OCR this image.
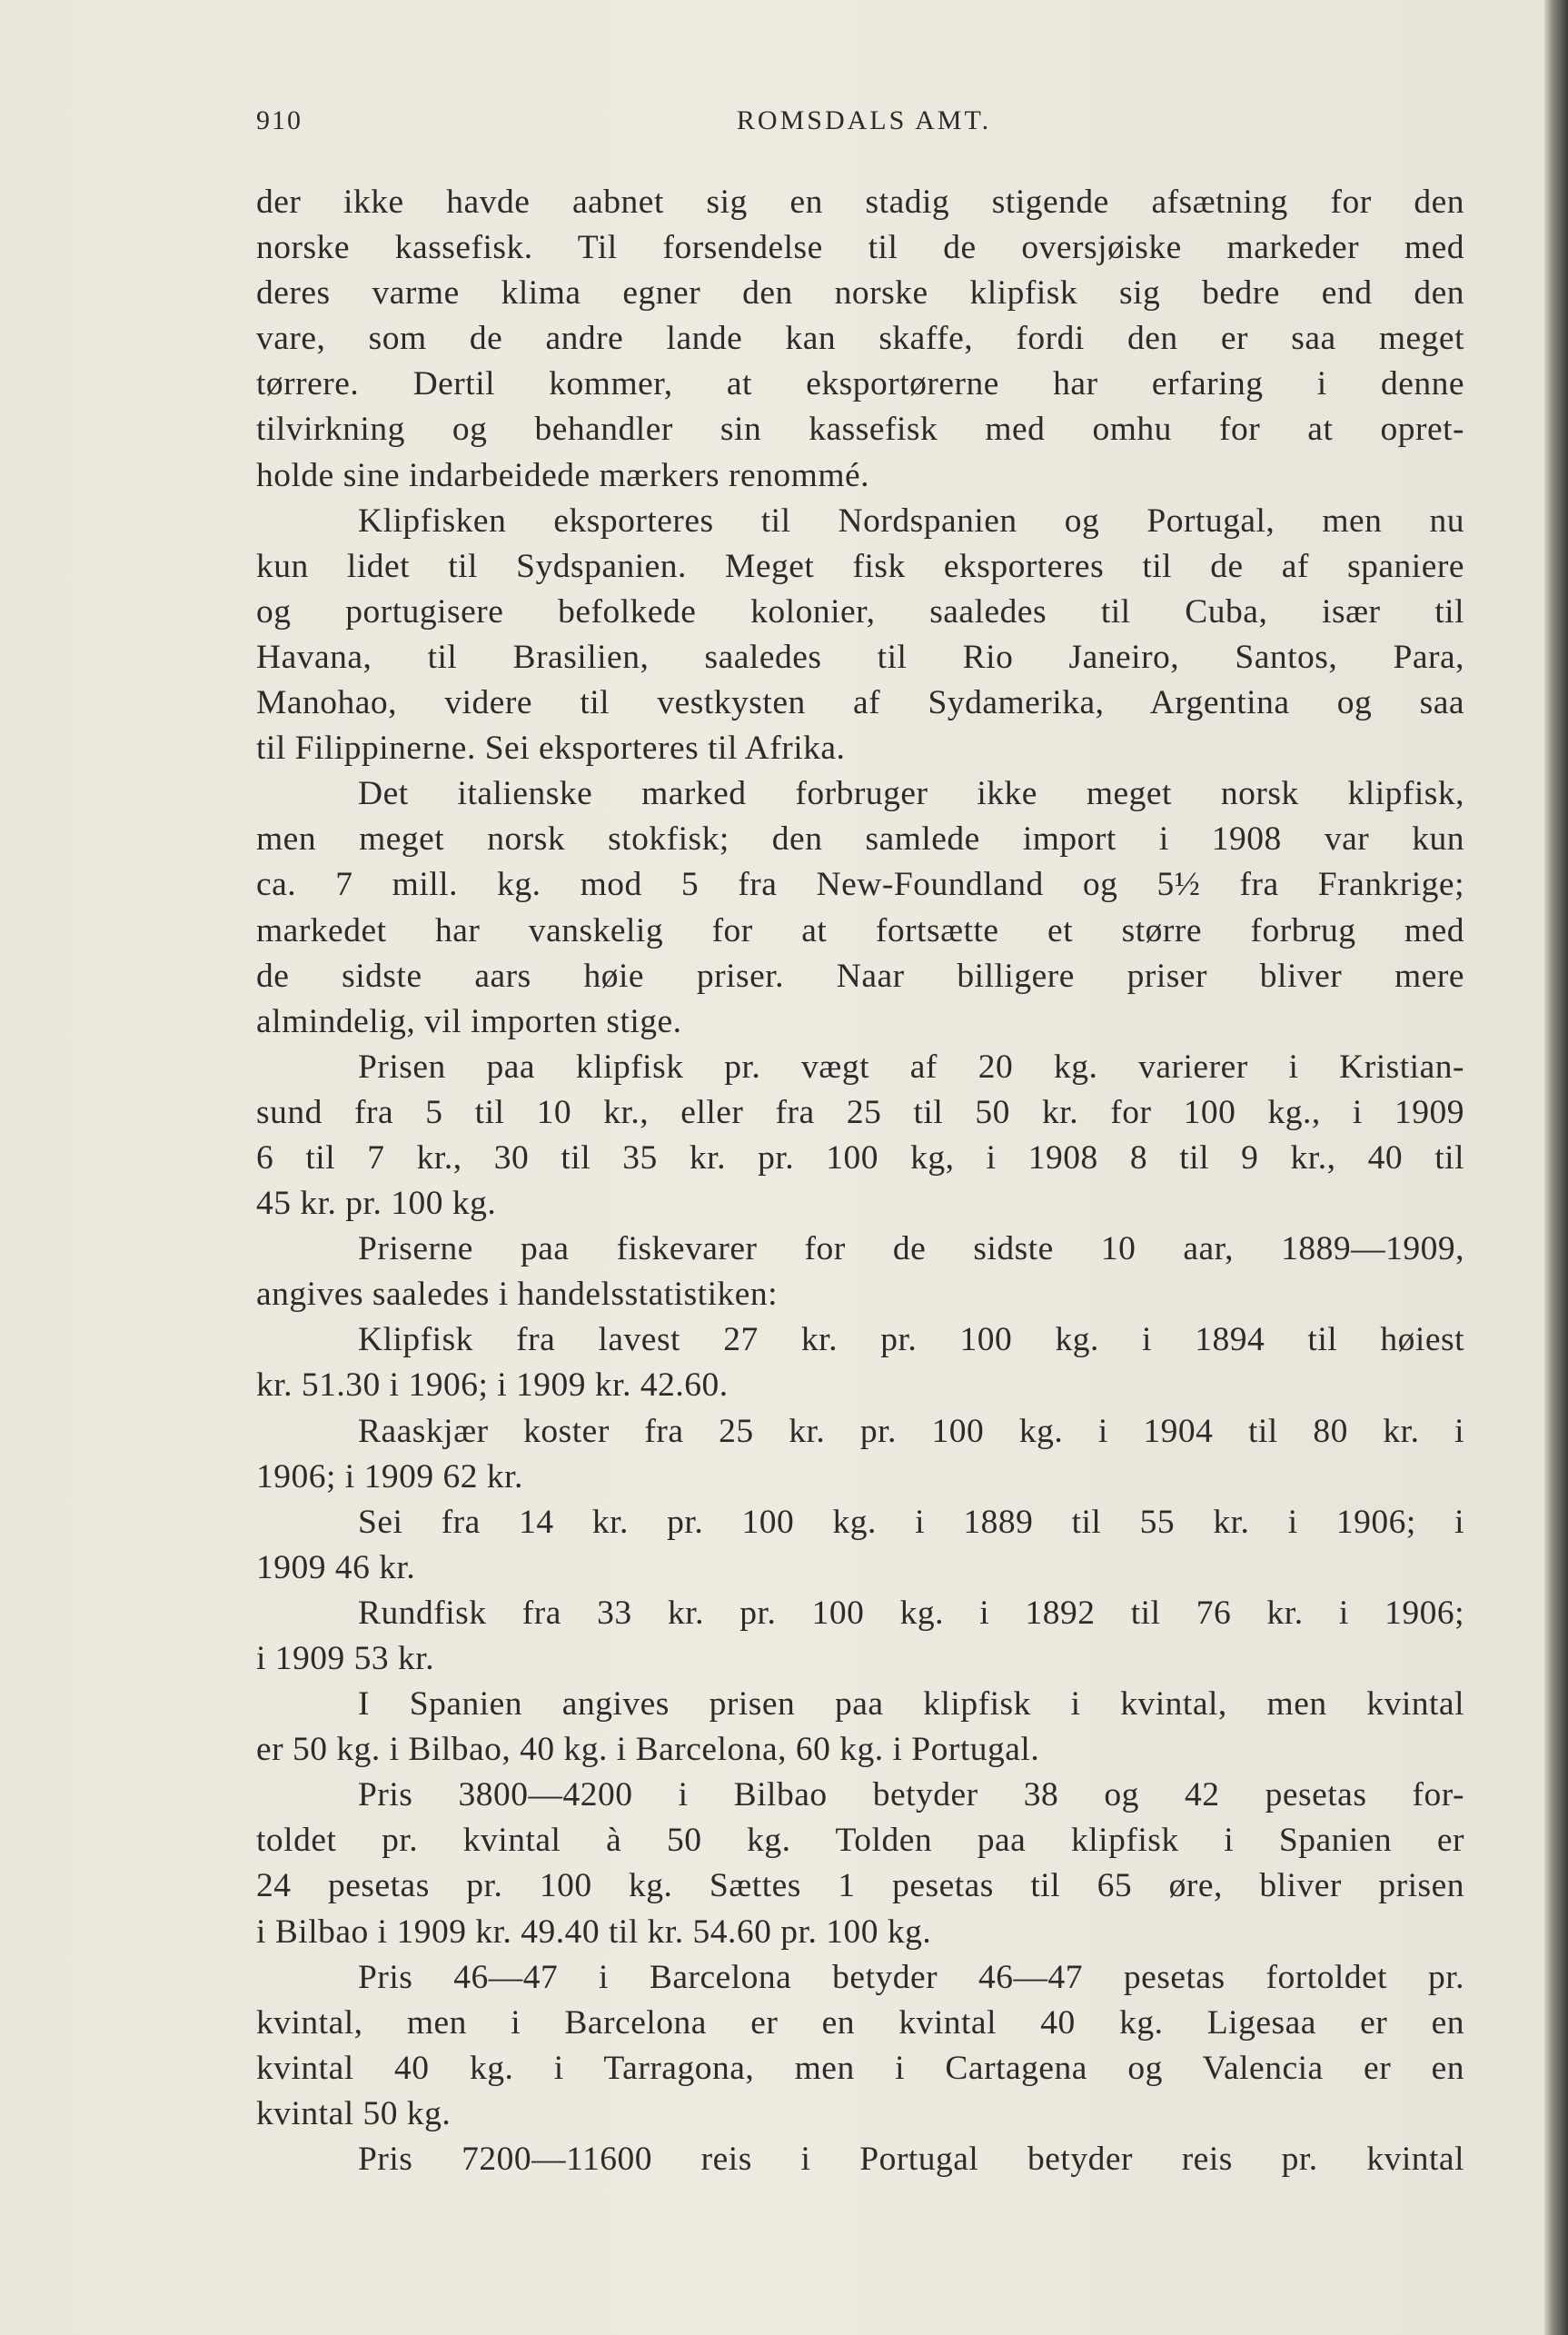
910	ROMSDALS AMT.
der ikke havde aabnet sig en stadig stigende afsætning for den
norske kassefisk. Til forsendelse til de oversjøiske markeder med
deres varme klima egner den norske klipfisk sig bedre end den
vare, som de andre lande kan skaffe, fordi den er saa meget
tørrere. Dertil kommer, at eksportørerne har erfaring i denne
tilvirkning og behandler sin kassefisk med omhu for at opret-
holde sine indarbeidede mærkers renommé.
Klipfisken eksporteres til Nordspanien og Portugal, men nu
kun lidet til Sydspanien. Meget fisk eksporteres til de af spaniere
og portugisere befolkede kolonier, saaledes til Cuba, især til
Havana, til Brasilien, saaledes til Rio Janeiro, Santos, Para,
Manohao, videre til vestkysten af Sydamerika, Argentina og saa
til Filippinerne. Sei eksporteres til Afrika.
Det italienske marked forbruger ikke meget norsk klipfisk,
men meget norsk stokfisk; den samlede import i 1908 var kun
ca. 7 mill. kg. mod 5 fra New-Foundland og 5½ fra Frankrige;
markedet har vanskelig for at fortsætte et større forbrug med
de sidste aars høie priser. Naar billigere priser bliver mere
almindelig, vil importen stige.
Prisen paa klipfisk pr. vægt af 20 kg. varierer i Kristian-
sund fra 5 til 10 kr., eller fra 25 til 50 kr. for 100 kg., i 1909
6 til 7 kr., 30 til 35 kr. pr. 100 kg, i 1908 8 til 9 kr., 40 til
45 kr. pr. 100 kg.
Priserne paa fiskevarer for de sidste 10 aar, 1889—1909,
angives saaledes i handelsstatistiken:
Klipfisk fra lavest 27 kr. pr. 100 kg. i 1894 til høiest
kr. 51.30 i 1906; i 1909 kr. 42.60.
Raaskjær koster fra 25 kr. pr. 100 kg. i 1904 til 80 kr. i
1906; i 1909 62 kr.
Sei fra 14 kr. pr. 100 kg. i 1889 til 55 kr. i 1906; i
1909 46 kr.
Rundfisk fra 33 kr. pr. 100 kg. i 1892 til 76 kr. i 1906;
i 1909 53 kr.
I Spanien angives prisen paa klipfisk i kvintal, men kvintal
er 50 kg. i Bilbao, 40 kg. i Barcelona, 60 kg. i Portugal.
Pris 3800—4200 i Bilbao betyder 38 og 42 pesetas for-
toldet pr. kvintal à 50 kg. Tolden paa klipfisk i Spanien er
24 pesetas pr. 100 kg. Sættes 1 pesetas til 65 øre, bliver prisen
i Bilbao i 1909 kr. 49.40 til kr. 54.60 pr. 100 kg.
Pris 46—47 i Barcelona betyder 46—47 pesetas fortoldet pr.
kvintal, men i Barcelona er en kvintal 40 kg. Ligesaa er en
kvintal 40 kg. i Tarragona, men i Cartagena og Valencia er en
kvintal 50 kg.
Pris 7200—11600 reis i Portugal betyder reis pr. kvintal
